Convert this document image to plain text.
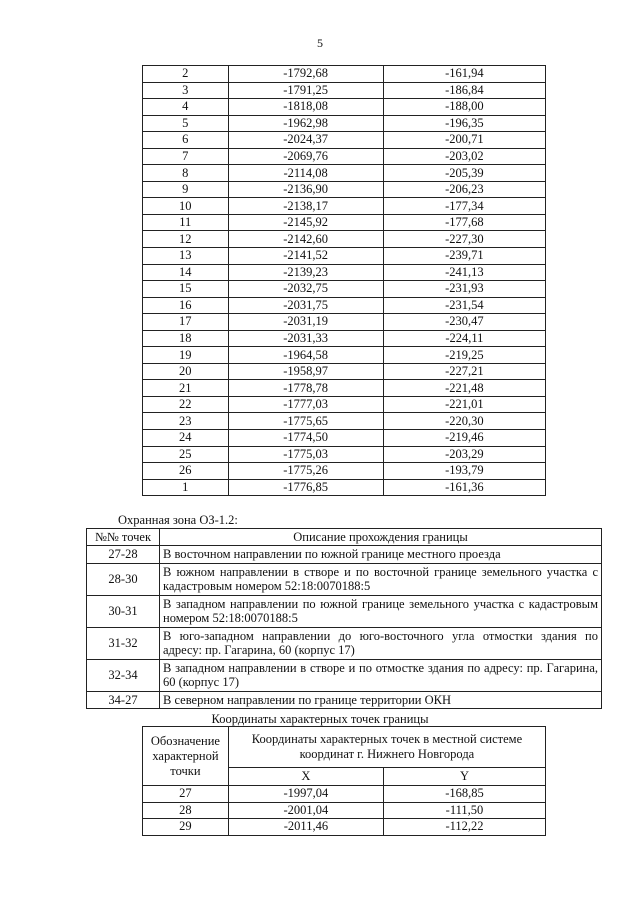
5
2	-1792,68	-161,94
3	-1791,25	-186,84
4	-1818,08	-188,00
5	-1962,98	-196,35
6	-2024,37	-200,71
7	-2069,76	-203,02
8	-2114,08	-205,39
9	-2136,90	-206,23
10	-2138,17	-177,34
11	-2145,92	-177,68
12	-2142,60	-227,30
13	-2141,52	-239,71
14	-2139,23	-241,13
15	-2032,75	-231,93
16	-2031,75	-231,54
17	-2031,19	-230,47
18	-2031,33	-224,11
19	-1964,58	-219,25
20	-1958,97	-227,21
21	-1778,78	-221,48
22	-1777,03	-221,01
23	-1775,65	-220,30
24	-1774,50	-219,46
25	-1775,03	-203,29
26	-1775,26	-193,79
1	-1776,85	-161,36
Охранная зона ОЗ-1.2:
№№ точек	Описание прохождения границы
27-28	В восточном направлении по южной границе местного проезда
28-30	В южном направлении в створе и по восточной границе земельного участка с кадастровым номером 52:18:0070188:5
30-31	В западном направлении по южной границе земельного участка с кадастровым номером 52:18:0070188:5
31-32	В юго-западном направлении до юго-восточного угла отмостки здания по адресу: пр. Гагарина, 60 (корпус 17)
32-34	В западном направлении в створе и по отмостке здания по адресу: пр. Гагарина, 60 (корпус 17)
34-27	В северном направлении по границе территории ОКН
Координаты характерных точек границы
Обозначение характерной точки	Координаты характерных точек в местной системе координат г. Нижнего Новгорода	
	X	Y
27	-1997,04	-168,85
28	-2001,04	-111,50
29	-2011,46	-112,22
